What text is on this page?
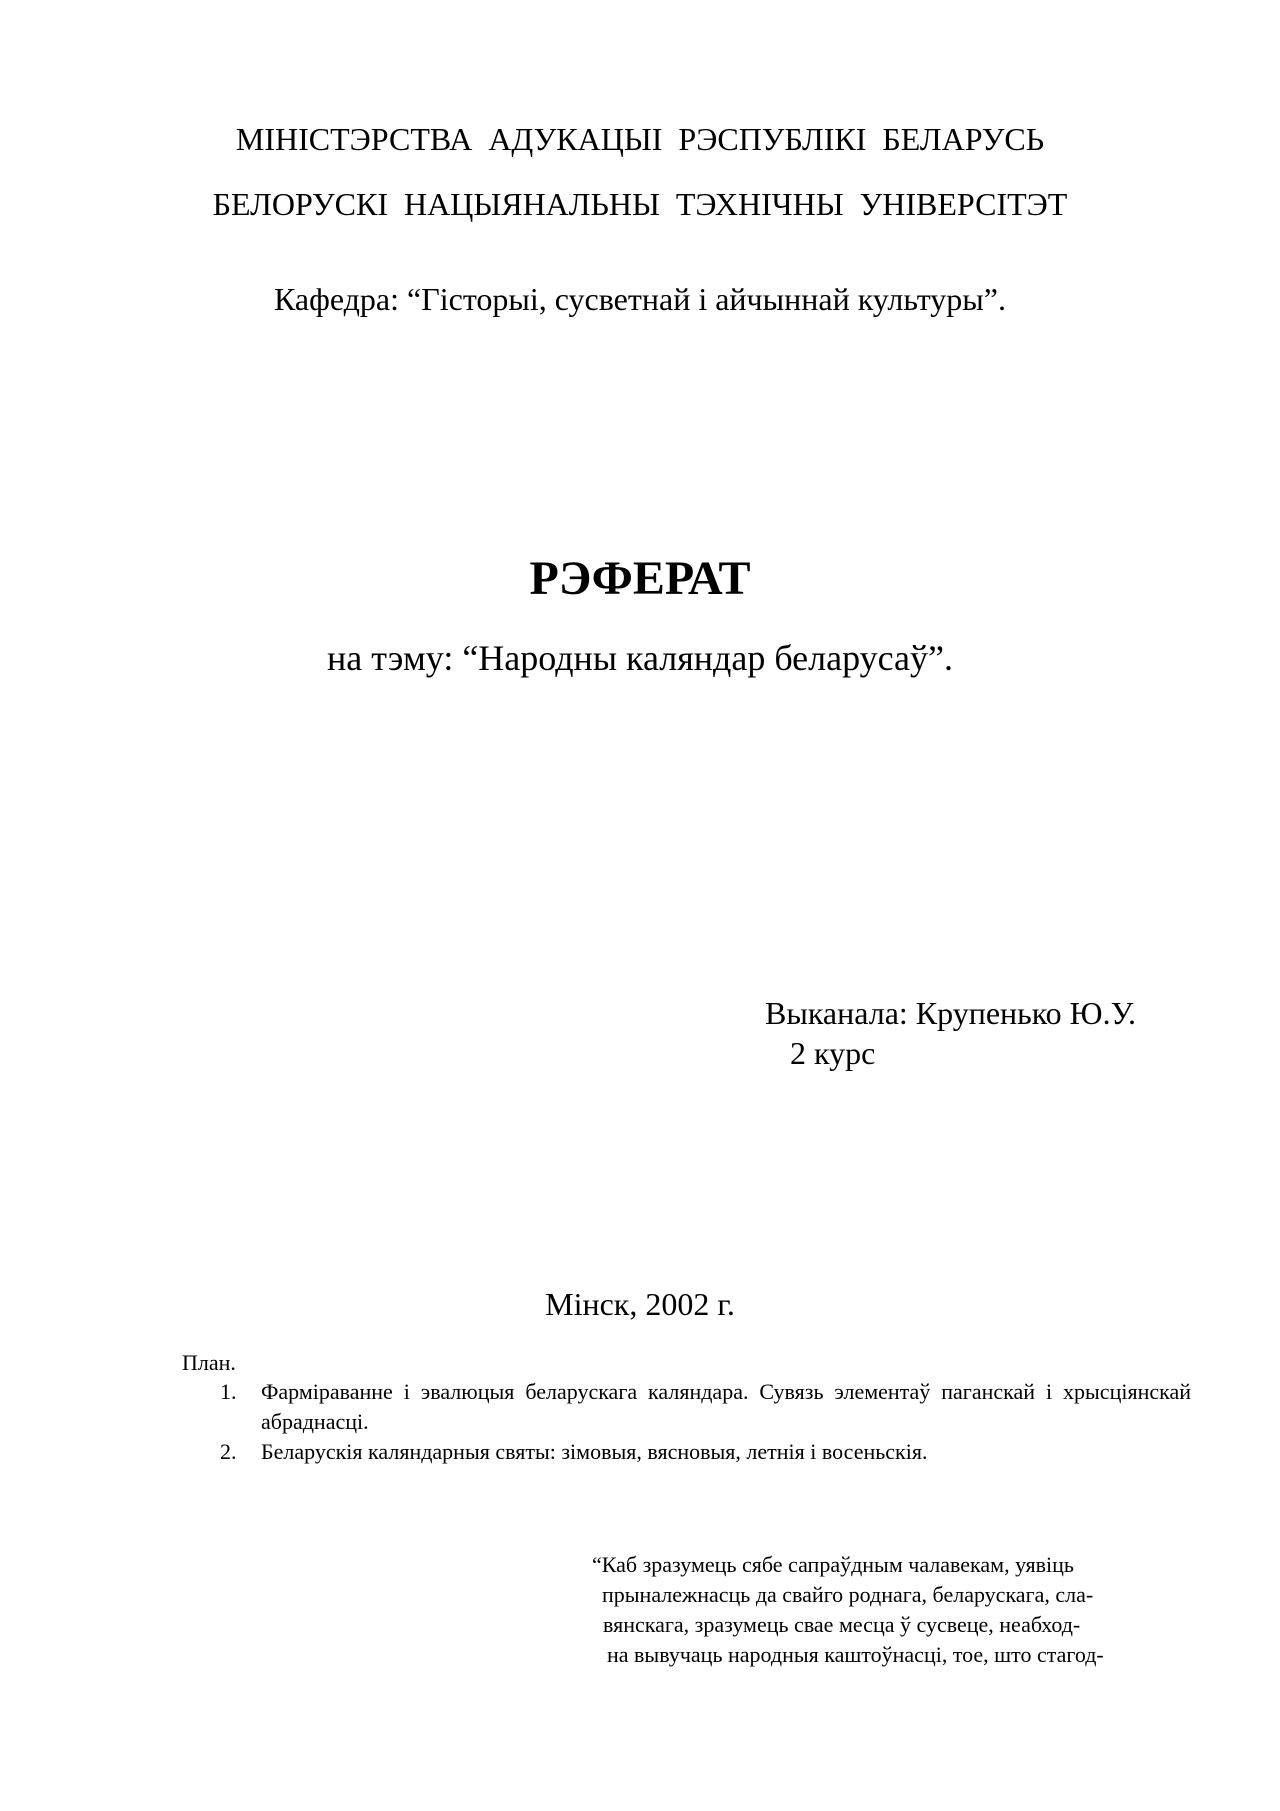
МІНІСТЭРСТВА АДУКАЦЫІ РЭСПУБЛІКІ БЕЛАРУСЬ
БЕЛОРУСКІ НАЦЫЯНАЛЬНЫ ТЭХНІЧНЫ УНІВЕРСІТЭТ
Кафедра: “Гісторыі, сусветнай і айчыннай культуры”.
РЭФЕРАТ
на тэму: “Народны каляндар беларусаў”.
Выканала: Крупенько Ю.У.
2 курс
Мінск, 2002 г.
План.
1. Фарміраванне і эвалюцыя беларускага каляндара. Сувязь элементаў паганскай і хрысціянскай абраднасці.
2. Беларускія каляндарныя святы: зімовыя, вясновыя, летнія і восеньскія.
“Каб зразумець сябе сапраўдным чалавекам, уявіць
прыналежнасць да свайго роднага, беларускага, сла-
вянскага, зразумець свае месца ў сусвеце, неабход-
на вывучаць народныя каштоўнасці, тое, што стагод-
